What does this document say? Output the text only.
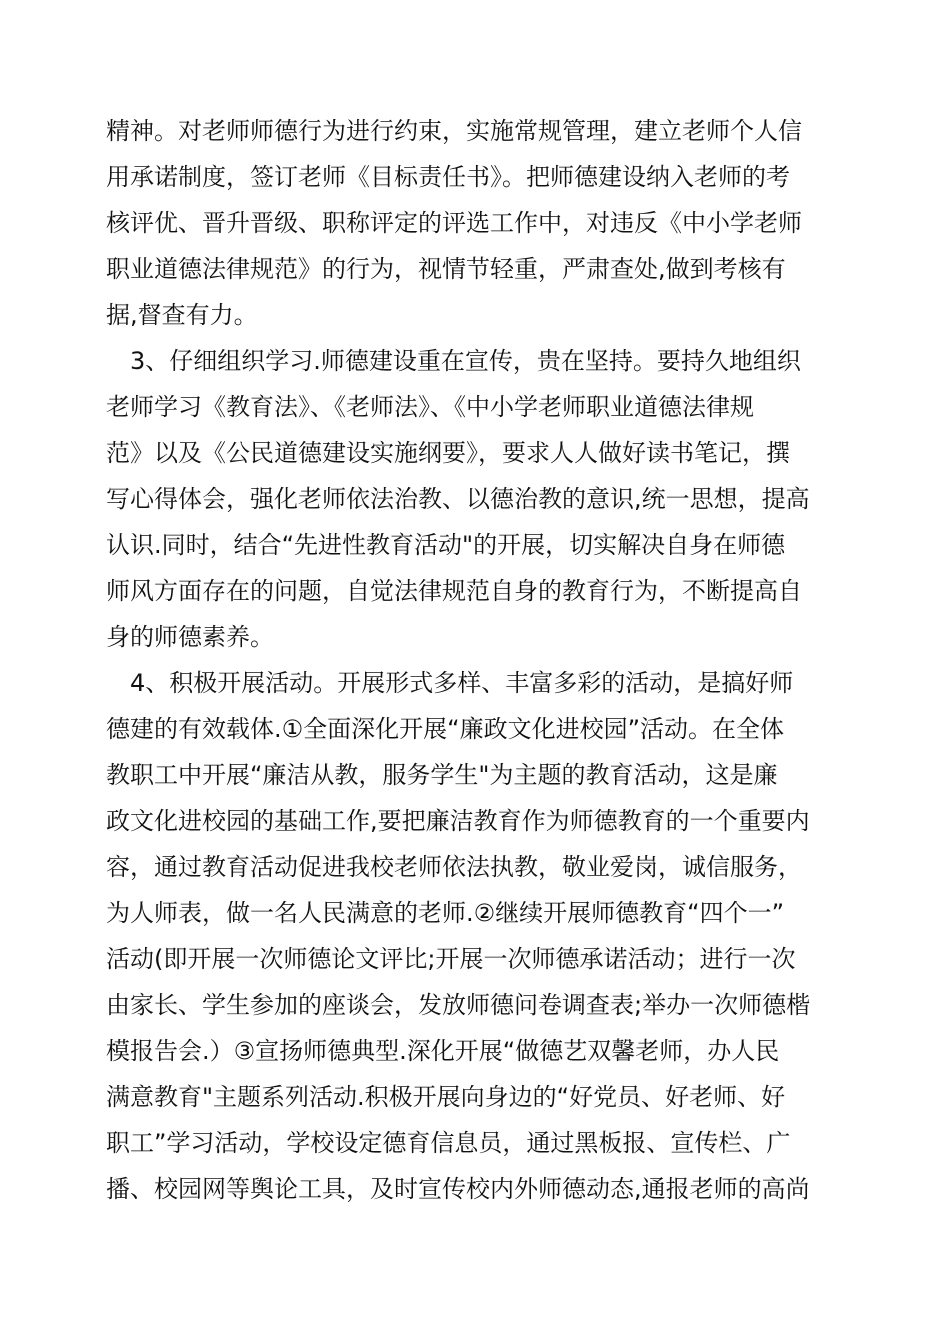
精神。对老师师德行为进行约束，实施常规管理，建立老师个人信
用承诺制度，签订老师《目标责任书》。把师德建设纳入老师的考
核评优、晋升晋级、职称评定的评选工作中，对违反《中小学老师
职业道德法律规范》的行为，视情节轻重，严肃查处,做到考核有
据,督查有力。
3、仔细组织学习.师德建设重在宣传，贵在坚持。要持久地组织
老师学习《教育法》、《老师法》、《中小学老师职业道德法律规
范》以及《公民道德建设实施纲要》，要求人人做好读书笔记，撰
写心得体会，强化老师依法治教、以德治教的意识,统一思想，提高
认识.同时，结合“先进性教育活动"的开展，切实解决自身在师德
师风方面存在的问题，自觉法律规范自身的教育行为，不断提高自
身的师德素养。
4、积极开展活动。开展形式多样、丰富多彩的活动，是搞好师
德建的有效载体.①全面深化开展“廉政文化进校园”活动。在全体
教职工中开展“廉洁从教，服务学生"为主题的教育活动，这是廉
政文化进校园的基础工作,要把廉洁教育作为师德教育的一个重要内
容，通过教育活动促进我校老师依法执教，敬业爱岗，诚信服务，
为人师表，做一名人民满意的老师.②继续开展师德教育“四个一”
活动(即开展一次师德论文评比;开展一次师德承诺活动；进行一次
由家长、学生参加的座谈会，发放师德问卷调查表;举办一次师德楷
模报告会.）③宣扬师德典型.深化开展“做德艺双馨老师，办人民
满意教育"主题系列活动.积极开展向身边的“好党员、好老师、好
职工”学习活动，学校设定德育信息员，通过黑板报、宣传栏、广
播、校园网等舆论工具，及时宣传校内外师德动态,通报老师的高尚
